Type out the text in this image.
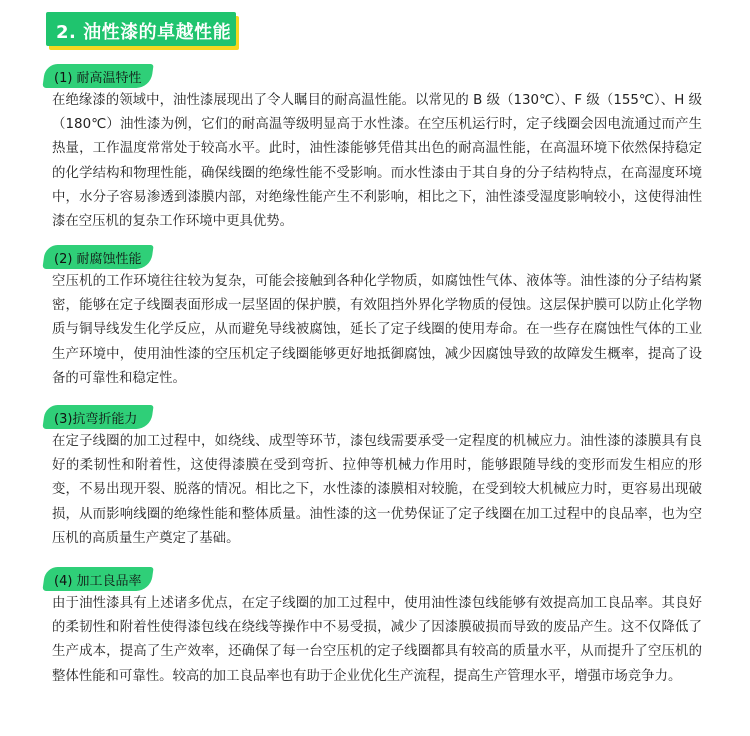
2. 油性漆的卓越性能
(1) 耐高温特性

在绝缘漆的领域中，油性漆展现出了令人瞩目的耐高温性能。以常见的 B 级（130℃）、F 级（155℃）、H 级（180℃）油性漆为例，它们的耐高温等级明显高于水性漆。在空压机运行时，定子线圈会因电流通过而产生热量，工作温度常常处于较高水平。此时，油性漆能够凭借其出色的耐高温性能，在高温环境下依然保持稳定的化学结构和物理性能，确保线圈的绝缘性能不受影响。而水性漆由于其自身的分子结构特点，在高湿度环境中，水分子容易渗透到漆膜内部，对绝缘性能产生不利影响，相比之下，油性漆受湿度影响较小，这使得油性漆在空压机的复杂工作环境中更具优势。

(2) 耐腐蚀性能

空压机的工作环境往往较为复杂，可能会接触到各种化学物质，如腐蚀性气体、液体等。油性漆的分子结构紧密，能够在定子线圈表面形成一层坚固的保护膜，有效阻挡外界化学物质的侵蚀。这层保护膜可以防止化学物质与铜导线发生化学反应，从而避免导线被腐蚀，延长了定子线圈的使用寿命。在一些存在腐蚀性气体的工业生产环境中，使用油性漆的空压机定子线圈能够更好地抵御腐蚀，减少因腐蚀导致的故障发生概率，提高了设备的可靠性和稳定性。

(3)抗弯折能力

在定子线圈的加工过程中，如绕线、成型等环节，漆包线需要承受一定程度的机械应力。油性漆的漆膜具有良好的柔韧性和附着性，这使得漆膜在受到弯折、拉伸等机械力作用时，能够跟随导线的变形而发生相应的形变，不易出现开裂、脱落的情况。相比之下，水性漆的漆膜相对较脆，在受到较大机械应力时，更容易出现破损，从而影响线圈的绝缘性能和整体质量。油性漆的这一优势保证了定子线圈在加工过程中的良品率，也为空压机的高质量生产奠定了基础。

(4) 加工良品率

由于油性漆具有上述诸多优点，在定子线圈的加工过程中，使用油性漆包线能够有效提高加工良品率。其良好的柔韧性和附着性使得漆包线在绕线等操作中不易受损，减少了因漆膜破损而导致的废品产生。这不仅降低了生产成本，提高了生产效率，还确保了每一台空压机的定子线圈都具有较高的质量水平，从而提升了空压机的整体性能和可靠性。较高的加工良品率也有助于企业优化生产流程，提高生产管理水平，增强市场竞争力。
